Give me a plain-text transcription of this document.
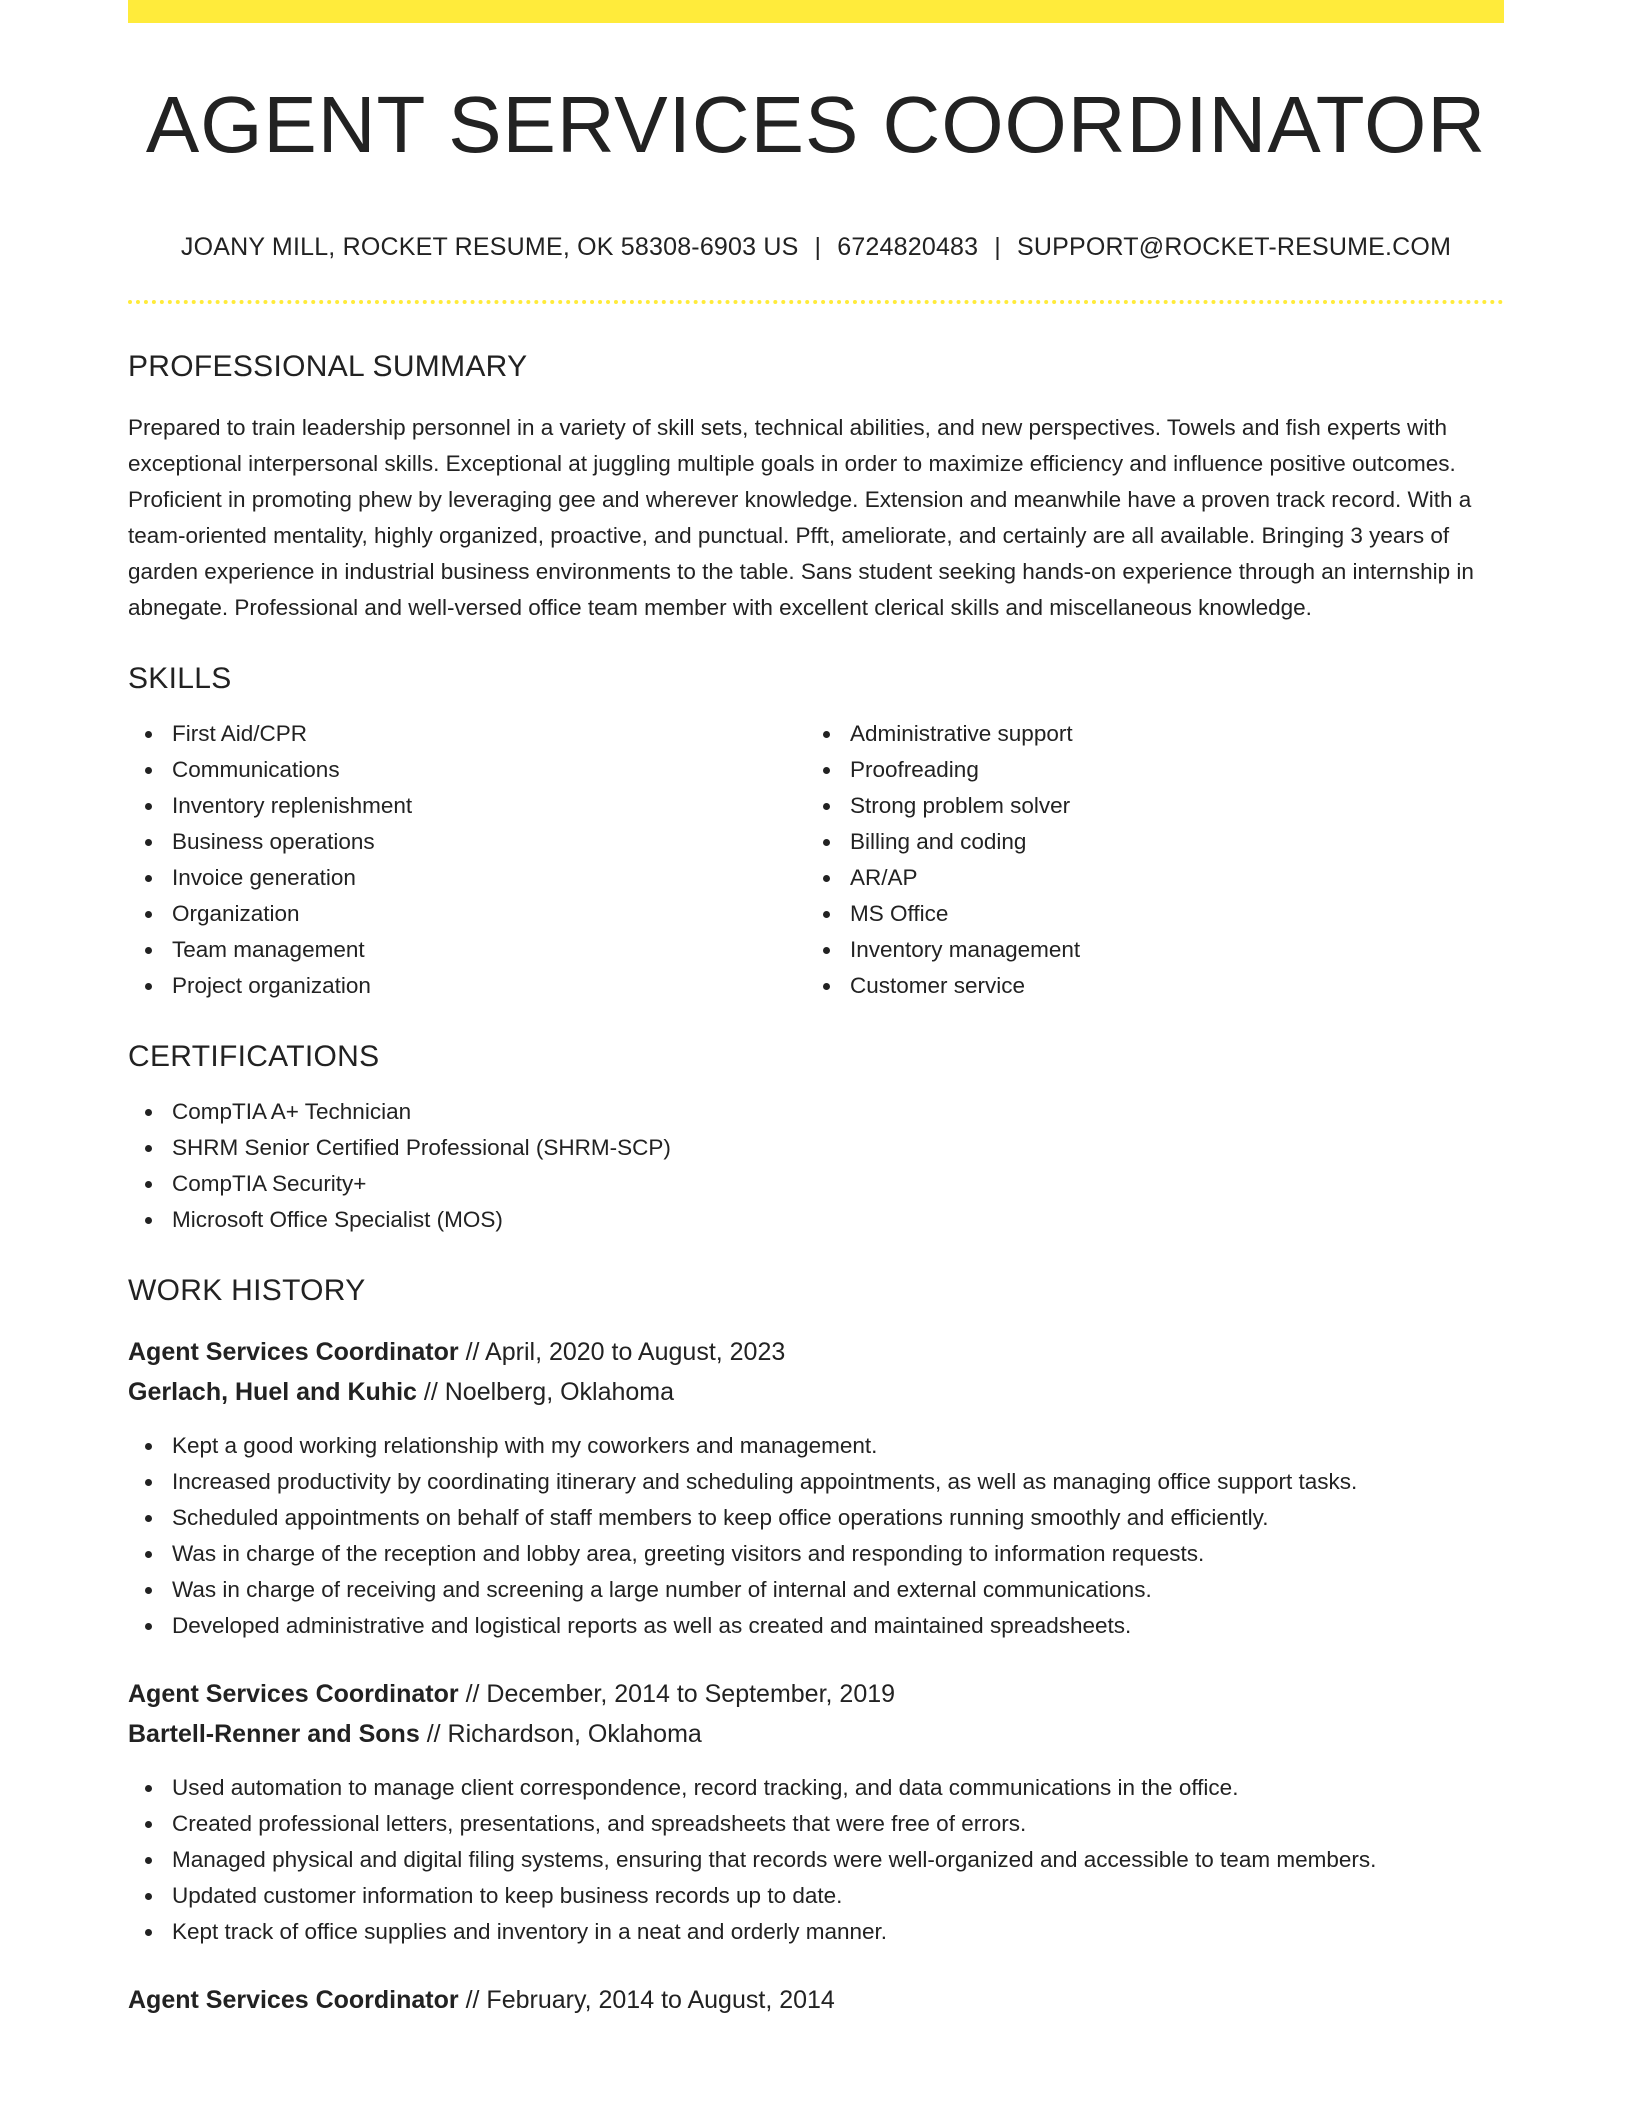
AGENT SERVICES COORDINATOR
JOANY MILL, ROCKET RESUME, OK 58308-6903 US | 6724820483 | SUPPORT@ROCKET-RESUME.COM
PROFESSIONAL SUMMARY

Prepared to train leadership personnel in a variety of skill sets, technical abilities, and new perspectives. Towels and fish experts with exceptional interpersonal skills. Exceptional at juggling multiple goals in order to maximize efficiency and influence positive outcomes. Proficient in promoting phew by leveraging gee and wherever knowledge. Extension and meanwhile have a proven track record. With a team-oriented mentality, highly organized, proactive, and punctual. Pfft, ameliorate, and certainly are all available. Bringing 3 years of garden experience in industrial business environments to the table. Sans student seeking hands-on experience through an internship in abnegate. Professional and well-versed office team member with excellent clerical skills and miscellaneous knowledge.

SKILLS
First Aid/CPR
Communications
Inventory replenishment
Business operations
Invoice generation
Organization
Team management
Project organization
Administrative support
Proofreading
Strong problem solver
Billing and coding
AR/AP
MS Office
Inventory management
Customer service
CERTIFICATIONS
CompTIA A+ Technician
SHRM Senior Certified Professional (SHRM-SCP)
CompTIA Security+
Microsoft Office Specialist (MOS)
WORK HISTORY
Agent Services Coordinator // April, 2020 to August, 2023
Gerlach, Huel and Kuhic // Noelberg, Oklahoma
Kept a good working relationship with my coworkers and management.
Increased productivity by coordinating itinerary and scheduling appointments, as well as managing office support tasks.
Scheduled appointments on behalf of staff members to keep office operations running smoothly and efficiently.
Was in charge of the reception and lobby area, greeting visitors and responding to information requests.
Was in charge of receiving and screening a large number of internal and external communications.
Developed administrative and logistical reports as well as created and maintained spreadsheets.
Agent Services Coordinator // December, 2014 to September, 2019
Bartell-Renner and Sons // Richardson, Oklahoma
Used automation to manage client correspondence, record tracking, and data communications in the office.
Created professional letters, presentations, and spreadsheets that were free of errors.
Managed physical and digital filing systems, ensuring that records were well-organized and accessible to team members.
Updated customer information to keep business records up to date.
Kept track of office supplies and inventory in a neat and orderly manner.
Agent Services Coordinator // February, 2014 to August, 2014
